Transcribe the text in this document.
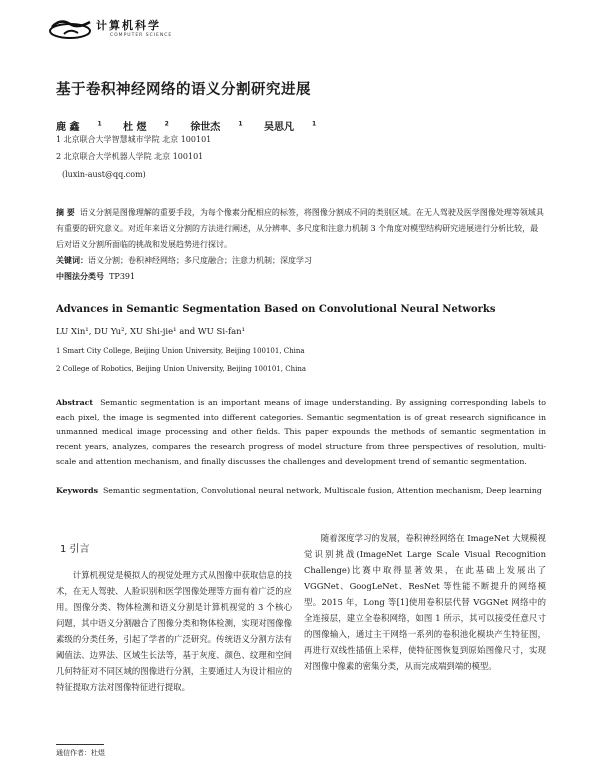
计算机科学
COMPUTER SCIENCE
基于卷积神经网络的语义分割研究进展
鹿 鑫	$^1$ 杜 煜	$^2$ 徐世杰	$^1$ 吴思凡	$^1$
1 北京联合大学智慧城市学院 北京 100101
2 北京联合大学机器人学院 北京 100101
(luxin-aust@qq.com)
摘 要 语义分割是图像理解的重要手段，为每个像素分配相应的标签，将图像分割成不同的类别区域。在无人驾驶及医学图像处理等领域具有重要的研究意义。对近年来语义分割的方法进行阐述，从分辨率、多尺度和注意力机制 3 个角度对模型结构研究进展进行分析比较，最后对语义分割所面临的挑战和发展趋势进行探讨。
关键词：语义分割；卷积神经网络；多尺度融合；注意力机制；深度学习
中图法分类号 TP391
Advances in Semantic Segmentation Based on Convolutional Neural Networks
LU Xin¹, DU Yu², XU Shi-jie¹ and WU Si-fan¹
1 Smart City College, Beijing Union University, Beijing 100101, China
2 College of Robotics, Beijing Union University, Beijing 100101, China
Abstract Semantic segmentation is an important means of image understanding. By assigning corresponding labels to each pixel, the image is segmented into different categories. Semantic segmentation is of great research significance in unmanned medical image processing and other fields. This paper expounds the methods of semantic segmentation in recent years, analyzes, compares the research progress of model structure from three perspectives of resolution, multi-scale and attention mechanism, and finally discusses the challenges and development trend of semantic segmentation.
Keywords Semantic segmentation, Convolutional neural network, Multiscale fusion, Attention mechanism, Deep learning
1 引言

计算机视觉是模拟人的视觉处理方式从图像中获取信息的技术，在无人驾驶、人脸识别和医学图像处理等方面有着广泛的应用。图像分类、物体检测和语义分割是计算机视觉的 3 个核心问题，其中语义分割融合了图像分类和物体检测，实现对图像像素级的分类任务，引起了学者的广泛研究。传统语义分割方法有阈值法、边界法、区域生长法等，基于灰度、颜色、纹理和空间几何特征对不同区域的图像进行分割，主要通过人为设计相应的特征提取方法对图像特征进行提取。

随着深度学习的发展，卷积神经网络在 ImageNet 大规模视觉识别挑战(ImageNet Large Scale Visual Recognition Challenge)比赛中取得显著效果，在此基础上发展出了 VGGNet、GoogLeNet、ResNet 等性能不断提升的网络模型。2015 年，Long 等[1]使用卷积层代替 VGGNet 网络中的全连接层，建立全卷积网络，如图 1 所示，其可以接受任意尺寸的图像输入，通过主干网络一系列的卷积池化模块产生特征图，再进行双线性插值上采样，使特征图恢复到原始图像尺寸，实现对图像中像素的密集分类，从而完成端到端的模型。

通信作者：杜煜
